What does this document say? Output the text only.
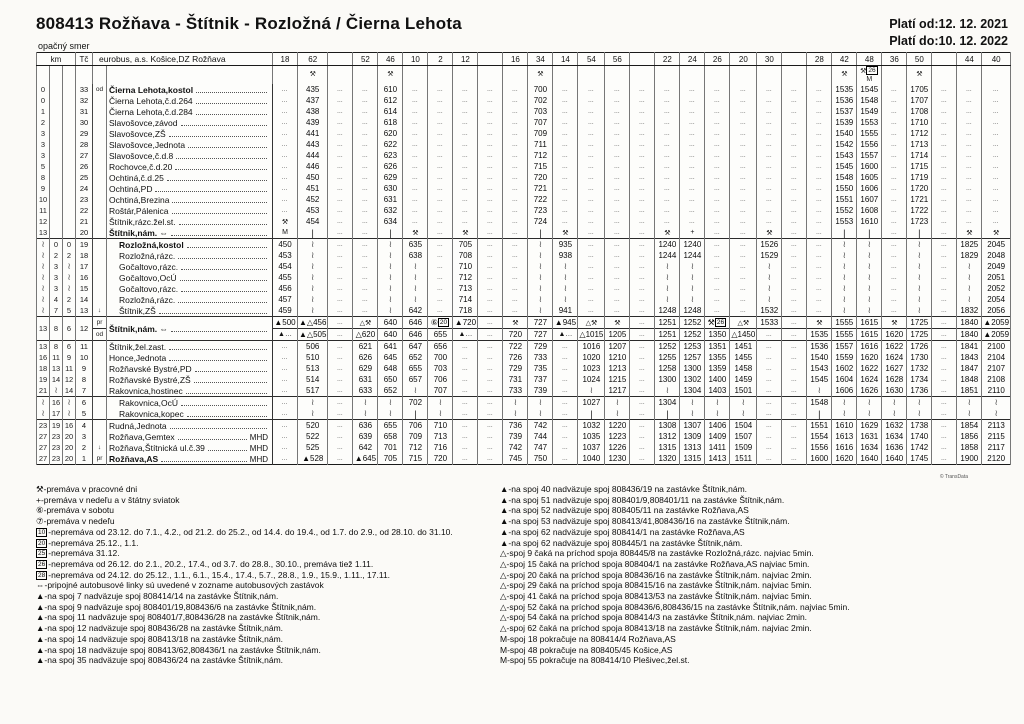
808413 Rožňava - Štítnik - Rozložná / Čierna Lehota	Platí od:12. 12. 2021
Platí do:10. 12. 2022
opačný smer
km			Tč	eurobus, a.s. Košice,DZ Rožňava		18	62		52	46	10	2	12		16	34	14	54	56		22	24	26	20	30		28	42	48	36	50		44	40
							⚒			⚒						⚒												⚒	⚒ 26
M		⚒			
0			33	od	Čierna Lehota,kostol	…	435	…	…	610	…	…	…	…	…	700	…	…	…	…	…	…	…	…	…	…	…	1535	1545	…	1705	…	…	…
0			32		Čierna Lehota,č.d.264	…	437	…	…	612	…	…	…	…	…	702	…	…	…	…	…	…	…	…	…	…	…	1536	1548	…	1707	…	…	…
1			31		Čierna Lehota,č.d.284	…	438	…	…	614	…	…	…	…	…	703	…	…	…	…	…	…	…	…	…	…	…	1537	1549	…	1708	…	…	…
2			30		Slavošovce,závod	…	439	…	…	618	…	…	…	…	…	707	…	…	…	…	…	…	…	…	…	…	…	1539	1553	…	1710	…	…	…
3			29		Slavošovce,ZŠ	…	441	…	…	620	…	…	…	…	…	709	…	…	…	…	…	…	…	…	…	…	…	1540	1555	…	1712	…	…	…
3			28		Slavošovce,Jednota	…	443	…	…	622	…	…	…	…	…	711	…	…	…	…	…	…	…	…	…	…	…	1542	1556	…	1713	…	…	…
3			27		Slavošovce,č.d.8	…	444	…	…	623	…	…	…	…	…	712	…	…	…	…	…	…	…	…	…	…	…	1543	1557	…	1714	…	…	…
5			26		Rochovce,č.d.20	…	446	…	…	626	…	…	…	…	…	715	…	…	…	…	…	…	…	…	…	…	…	1545	1600	…	1715	…	…	…
8			25		Ochtiná,č.d.25	…	450	…	…	629	…	…	…	…	…	720	…	…	…	…	…	…	…	…	…	…	…	1548	1605	…	1719	…	…	…
9			24		Ochtiná,PD	…	451	…	…	630	…	…	…	…	…	721	…	…	…	…	…	…	…	…	…	…	…	1550	1606	…	1720	…	…	…
10			23		Ochtiná,Brezina	…	452	…	…	631	…	…	…	…	…	722	…	…	…	…	…	…	…	…	…	…	…	1551	1607	…	1721	…	…	…
11			22		Roštár,Pálenica	…	453	…	…	632	…	…	…	…	…	723	…	…	…	…	…	…	…	…	…	…	…	1552	1608	…	1722	…	…	…
12			21		Štítnik,rázc.žel.st.	⚒	454	…	…	634	…	…	…	…	…	724	…	…	…	…	…	…	…	…	…	…	…	1553	1610	…	1723	…	…	…
13			20		Štítnik,nám. ⇔	M	|	…	…	|	⚒	…	⚒	…	…	|	⚒	…	…	…	⚒	+	…	…	⚒	…	…	|	|	…	|	…	⚒	⚒
≀	0	0	19		Rozložná,kostol	450	≀	…	…	≀	635	…	705	…	…	≀	935	…	…	…	1240	1240	…	…	1526	…	…	≀	≀	…	≀	…	1825	2045
≀	2	2	18		Rozložná,rázc.	453	≀	…	…	≀	638	…	708	…	…	≀	938	…	…	…	1244	1244	…	…	1529	…	…	≀	≀	…	≀	…	1829	2048
≀	3	≀	17		Gočaltovo,rázc.	454	≀	…	…	≀	≀	…	710	…	…	≀	≀	…	…	…	≀	≀	…	…	≀	…	…	≀	≀	…	≀	…	≀	2049
≀	3	≀	16		Gočaltovo,OcÚ	455	≀	…	…	≀	≀	…	712	…	…	≀	≀	…	…	…	≀	≀	…	…	≀	…	…	≀	≀	…	≀	…	≀	2051
≀	3	≀	15		Gočaltovo,rázc.	456	≀	…	…	≀	≀	…	713	…	…	≀	≀	…	…	…	≀	≀	…	…	≀	…	…	≀	≀	…	≀	…	≀	2052
≀	4	2	14		Rozložná,rázc.	457	≀	…	…	≀	≀	…	714	…	…	≀	≀	…	…	…	≀	≀	…	…	≀	…	…	≀	≀	…	≀	…	≀	2054
≀	7	5	13	↓	Štítnik,ZŠ	459	≀	…	…	≀	642	…	718	…	…	≀	941	…	…	…	1248	1248	…	…	1532	…	…	≀	≀	…	≀	…	1832	2056
13	8	6	12	pr	Štítnik,nám. ⇔	▲500	▲△456	…	△⚒	640	646	⑥ 20	▲720	…	⚒	727	▲945	△⚒	⚒	…	1251	1252	⚒ 26	△⚒	1533	…	⚒	1555	1615	⚒	1725	…	1840	▲2059
				od		▲…	▲△505	…	△620	640	646	655	▲…	…	720	727	▲…	△1015	1205	…	1251	1252	1350	△1450	…	…	1535	1555	1615	1620	1725	…	1840	▲2059
13	8	6	11		Štítnik,žel.zast.	…	506	…	621	641	647	656	…	…	722	729	…	1016	1207	…	1252	1253	1351	1451	…	…	1536	1557	1616	1622	1726	…	1841	2100
16	11	9	10		Honce,Jednota	…	510	…	626	645	652	700	…	…	726	733	…	1020	1210	…	1255	1257	1355	1455	…	…	1540	1559	1620	1624	1730	…	1843	2104
18	13	11	9		Rožňavské Bystré,PD	…	513	…	629	648	655	703	…	…	729	735	…	1023	1213	…	1258	1300	1359	1458	…	…	1543	1602	1622	1627	1732	…	1847	2107
19	14	12	8		Rožňavské Bystré,ZŠ	…	514	…	631	650	657	706	…	…	731	737	…	1024	1215	…	1300	1302	1400	1459	…	…	1545	1604	1624	1628	1734	…	1848	2108
21	≀	14	7		Rakovnica,hostinec	…	517	…	633	652	≀	707	…	…	733	739	…	≀	1217	…	≀	1304	1403	1501	…	…	≀	1606	1626	1630	1736	…	1851	2110
≀	16	≀	6		Rakovnica,OcÚ	…	≀	…	≀	≀	702	≀	…	…	≀	≀	…	1027	≀	…	1304	≀	≀	≀	…	…	1548	≀	≀	≀	≀	…	≀	≀
≀	17	≀	5		Rakovnica,kopec	…	≀	…	≀	≀	|	≀	…	…	≀	≀	…	|	≀	…	|	≀	≀	≀	…	…	|	≀	≀	≀	≀	…	≀	≀
23	19	16	4		Rudná,Jednota	…	520	…	636	655	706	710	…	…	736	742	…	1032	1220	…	1308	1307	1406	1504	…	…	1551	1610	1629	1632	1738	…	1854	2113
27	23	20	3		Rožňava,Gemtex MHD	…	522	…	639	658	709	713	…	…	739	744	…	1035	1223	…	1312	1309	1409	1507	…	…	1554	1613	1631	1634	1740	…	1856	2115
27	23	20	2	↓	Rožňava,Štítnická ul.č.39 MHD	…	525	…	642	701	712	716	…	…	742	747	…	1037	1226	…	1315	1313	1411	1509	…	…	1556	1616	1634	1636	1742	…	1858	2117
27	23	20	1	pr	Rožňava,AS MHD	…	▲528	…	▲645	705	715	720	…	…	745	750	…	1040	1230	…	1320	1315	1413	1511	…	…	1600	1620	1640	1640	1745	…	1900	2120
© TransData
⚒-premáva v pracovné dni
+-premáva v nedeľu a v štátny sviatok
⑥-premáva v sobotu
⑦-premáva v nedeľu
10 -nepremáva od 23.12. do 7.1., 4.2., od 21.2. do 25.2., od 14.4. do 19.4., od 1.7. do 2.9., od 28.10. do 31.10.
20 -nepremáva 25.12., 1.1.
25 -nepremáva 31.12.
26 -nepremáva od 26.12. do 2.1., 20.2., 17.4., od 3.7. do 28.8., 30.10., premáva tiež 1.11.
28 -nepremáva od 24.12. do 25.12., 1.1., 6.1., 15.4., 17.4., 5.7., 28.8., 1.9., 15.9., 1.11., 17.11.
⇔-pripojné autobusové linky sú uvedené v zozname autobusových zastávok
▲-na spoj 7 nadväzuje spoj 808414/14 na zastávke Štítnik,nám.
▲-na spoj 9 nadväzuje spoj 808401/19,808436/6 na zastávke Štítnik,nám.
▲-na spoj 11 nadväzuje spoj 808401/7,808436/28 na zastávke Štítnik,nám.
▲-na spoj 12 nadväzuje spoj 808436/28 na zastávke Štítnik,nám.
▲-na spoj 14 nadväzuje spoj 808413/18 na zastávke Štítnik,nám.
▲-na spoj 18 nadväzuje spoj 808413/62,808436/1 na zastávke Štítnik,nám.
▲-na spoj 35 nadväzuje spoj 808436/24 na zastávke Štítnik,nám.
▲-na spoj 40 nadväzuje spoj 808436/19 na zastávke Štítnik,nám.
▲-na spoj 51 nadväzuje spoj 808401/9,808401/11 na zastávke Štítnik,nám.
▲-na spoj 52 nadväzuje spoj 808405/11 na zastávke Rožňava,AS
▲-na spoj 53 nadväzuje spoj 808413/41,808436/16 na zastávke Štítnik,nám.
▲-na spoj 62 nadväzuje spoj 808414/1 na zastávke Rožňava,AS
▲-na spoj 62 nadväzuje spoj 808445/1 na zastávke Štítnik,nám.
△-spoj 9 čaká na príchod spoja 808445/8 na zastávke Rozložná,rázc. najviac 5min.
△-spoj 15 čaká na príchod spoja 808404/1 na zastávke Rožňava,AS najviac 5min.
△-spoj 20 čaká na príchod spoja 808436/16 na zastávke Štítnik,nám. najviac 2min.
△-spoj 29 čaká na príchod spoja 808415/16 na zastávke Štítnik,nám. najviac 5min.
△-spoj 41 čaká na príchod spoja 808413/53 na zastávke Štítnik,nám. najviac 5min.
△-spoj 52 čaká na príchod spoja 808436/6,808436/15 na zastávke Štítnik,nám. najviac 5min.
△-spoj 54 čaká na príchod spoja 808414/3 na zastávke Štítnik,nám. najviac 2min.
△-spoj 62 čaká na príchod spoja 808413/18 na zastávke Štítnik,nám. najviac 2min.
M-spoj 18 pokračuje na 808414/4 Rožňava,AS
M-spoj 48 pokračuje na 808405/45 Košice,AS
M-spoj 55 pokračuje na 808414/10 Plešivec,žel.st.
